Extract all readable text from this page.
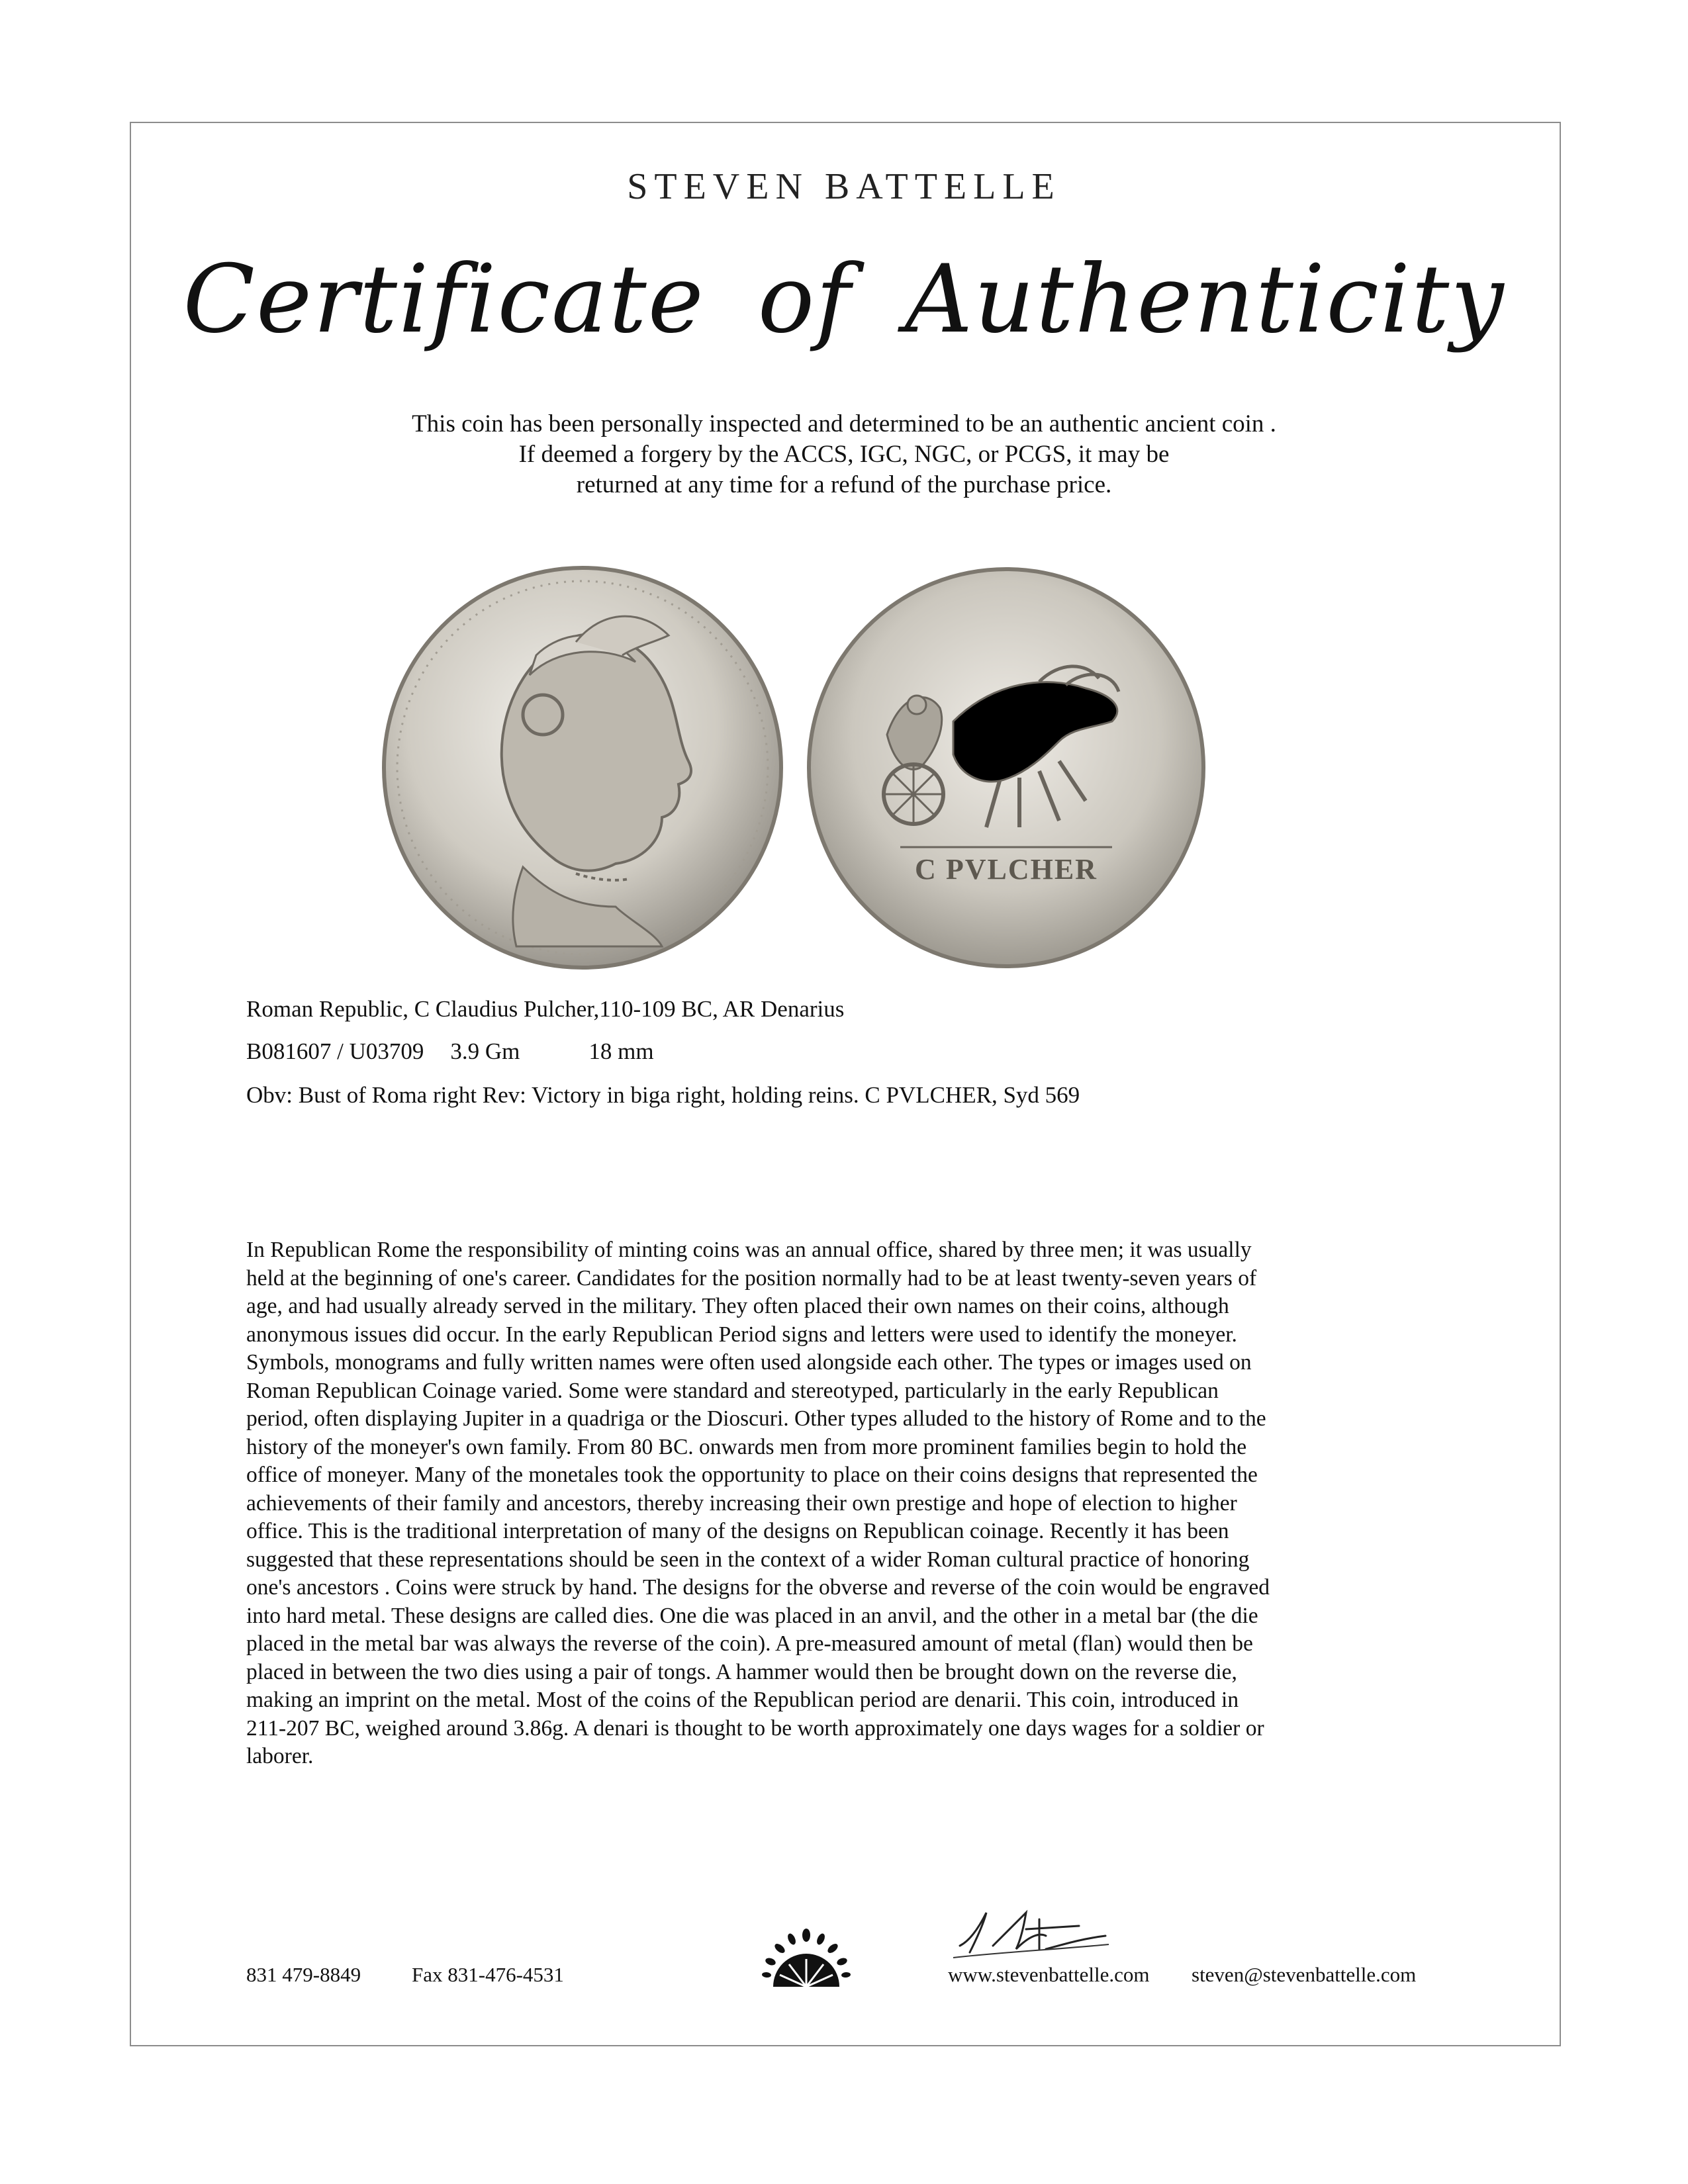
STEVEN BATTELLE
Certificate of Authenticity
This coin has been personally inspected and determined to be an authentic ancient coin .
If deemed a forgery by the ACCS, IGC, NGC, or PCGS, it may be
returned at any time for a refund of the purchase price.
C PVLCHER
Roman Republic, C Claudius Pulcher,110-109 BC, AR Denarius
B081607 / U03709 3.9 Gm	18 mm
Obv: Bust of Roma right Rev: Victory in biga right, holding reins. C PVLCHER, Syd 569
In Republican Rome the responsibility of minting coins was an annual office, shared by three men; it was usually
held at the beginning of one's career. Candidates for the position normally had to be at least twenty-seven years of
age, and had usually already served in the military. They often placed their own names on their coins, although
anonymous issues did occur. In the early Republican Period signs and letters were used to identify the moneyer.
Symbols, monograms and fully written names were often used alongside each other. The types or images used on
Roman Republican Coinage varied. Some were standard and stereotyped, particularly in the early Republican
period, often displaying Jupiter in a quadriga or the Dioscuri. Other types alluded to the history of Rome and to the
history of the moneyer's own family. From 80 BC. onwards men from more prominent families begin to hold the
office of moneyer. Many of the monetales took the opportunity to place on their coins designs that represented the
achievements of their family and ancestors, thereby increasing their own prestige and hope of election to higher
office. This is the traditional interpretation of many of the designs on Republican coinage. Recently it has been
suggested that these representations should be seen in the context of a wider Roman cultural practice of honoring
one's ancestors . Coins were struck by hand. The designs for the obverse and reverse of the coin would be engraved
into hard metal. These designs are called dies. One die was placed in an anvil, and the other in a metal bar (the die
placed in the metal bar was always the reverse of the coin). A pre-measured amount of metal (flan) would then be
placed in between the two dies using a pair of tongs. A hammer would then be brought down on the reverse die,
making an imprint on the metal. Most of the coins of the Republican period are denarii. This coin, introduced in
211-207 BC, weighed around 3.86g. A denari is thought to be worth approximately one days wages for a soldier or
laborer.
831 479-8849 Fax 831-476-4531	www.stevenbattelle.com steven@stevenbattelle.com
